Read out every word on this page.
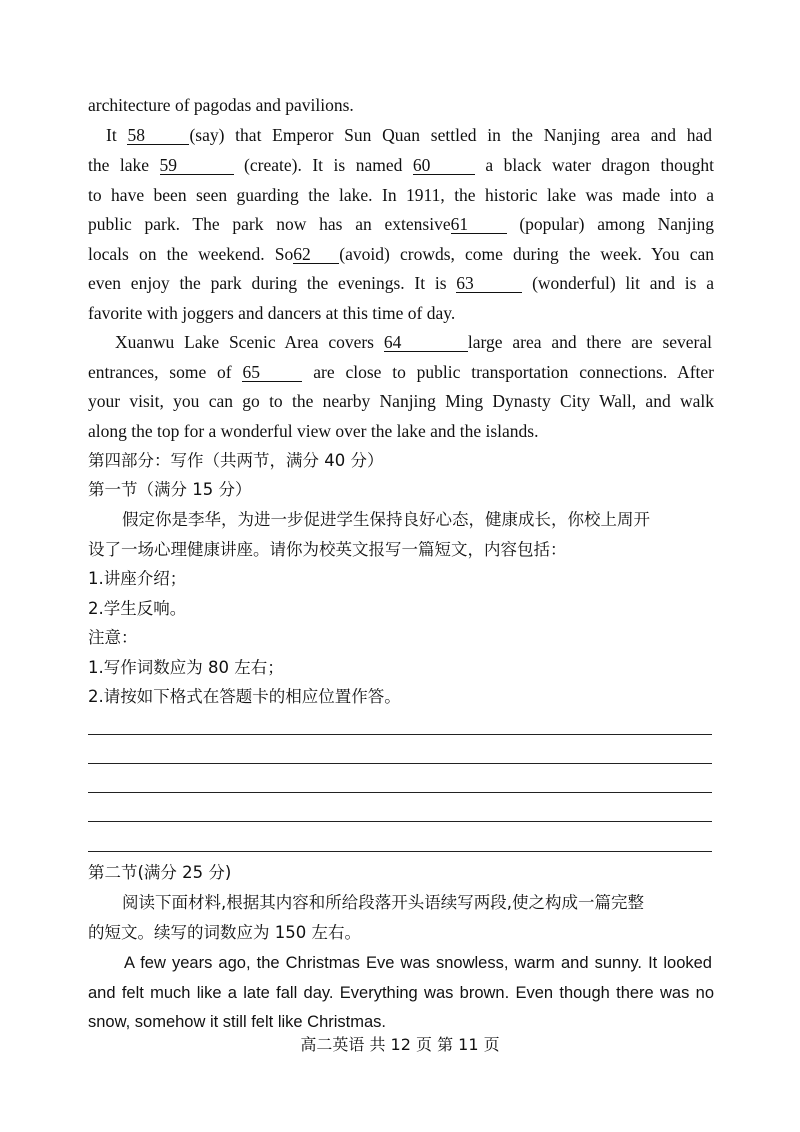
architecture of pagodas and pavilions.
It 58	(say) that Emperor Sun Quan settled in the Nanjing area and had
the lake 59	(create). It is named 60	a black water dragon thought
to have been seen guarding the lake. In 1911, the historic lake was made into a
public park. The park now has an extensive61 (popular) among Nanjing
locals on the weekend. So62 (avoid) crowds, come during the week. You can
even enjoy the park during the evenings. It is 63	(wonderful) lit and is a
favorite with joggers and dancers at this time of day.
Xuanwu Lake Scenic Area covers 64	large area and there are several
entrances, some of 65 are close to public transportation connections. After
your visit, you can go to the nearby Nanjing Ming Dynasty City Wall, and walk
along the top for a wonderful view over the lake and the islands.
第四部分：写作（共两节，满分 40 分）
第一节（满分 15 分）
假定你是李华，为进一步促进学生保持良好心态，健康成长，你校上周开
设了一场心理健康讲座。请你为校英文报写一篇短文，内容包括：
1.讲座介绍；
2.学生反响。
注意：
1.写作词数应为 80 左右；
2.请按如下格式在答题卡的相应位置作答。
第二节(满分 25 分)
阅读下面材料,根据其内容和所给段落开头语续写两段,使之构成一篇完整
的短文。续写的词数应为 150 左右。
A few years ago, the Christmas Eve was snowless, warm and sunny. It looked
and felt much like a late fall day. Everything was brown. Even though there was no
snow, somehow it still felt like Christmas.
高二英语 共 12 页 第 11 页
